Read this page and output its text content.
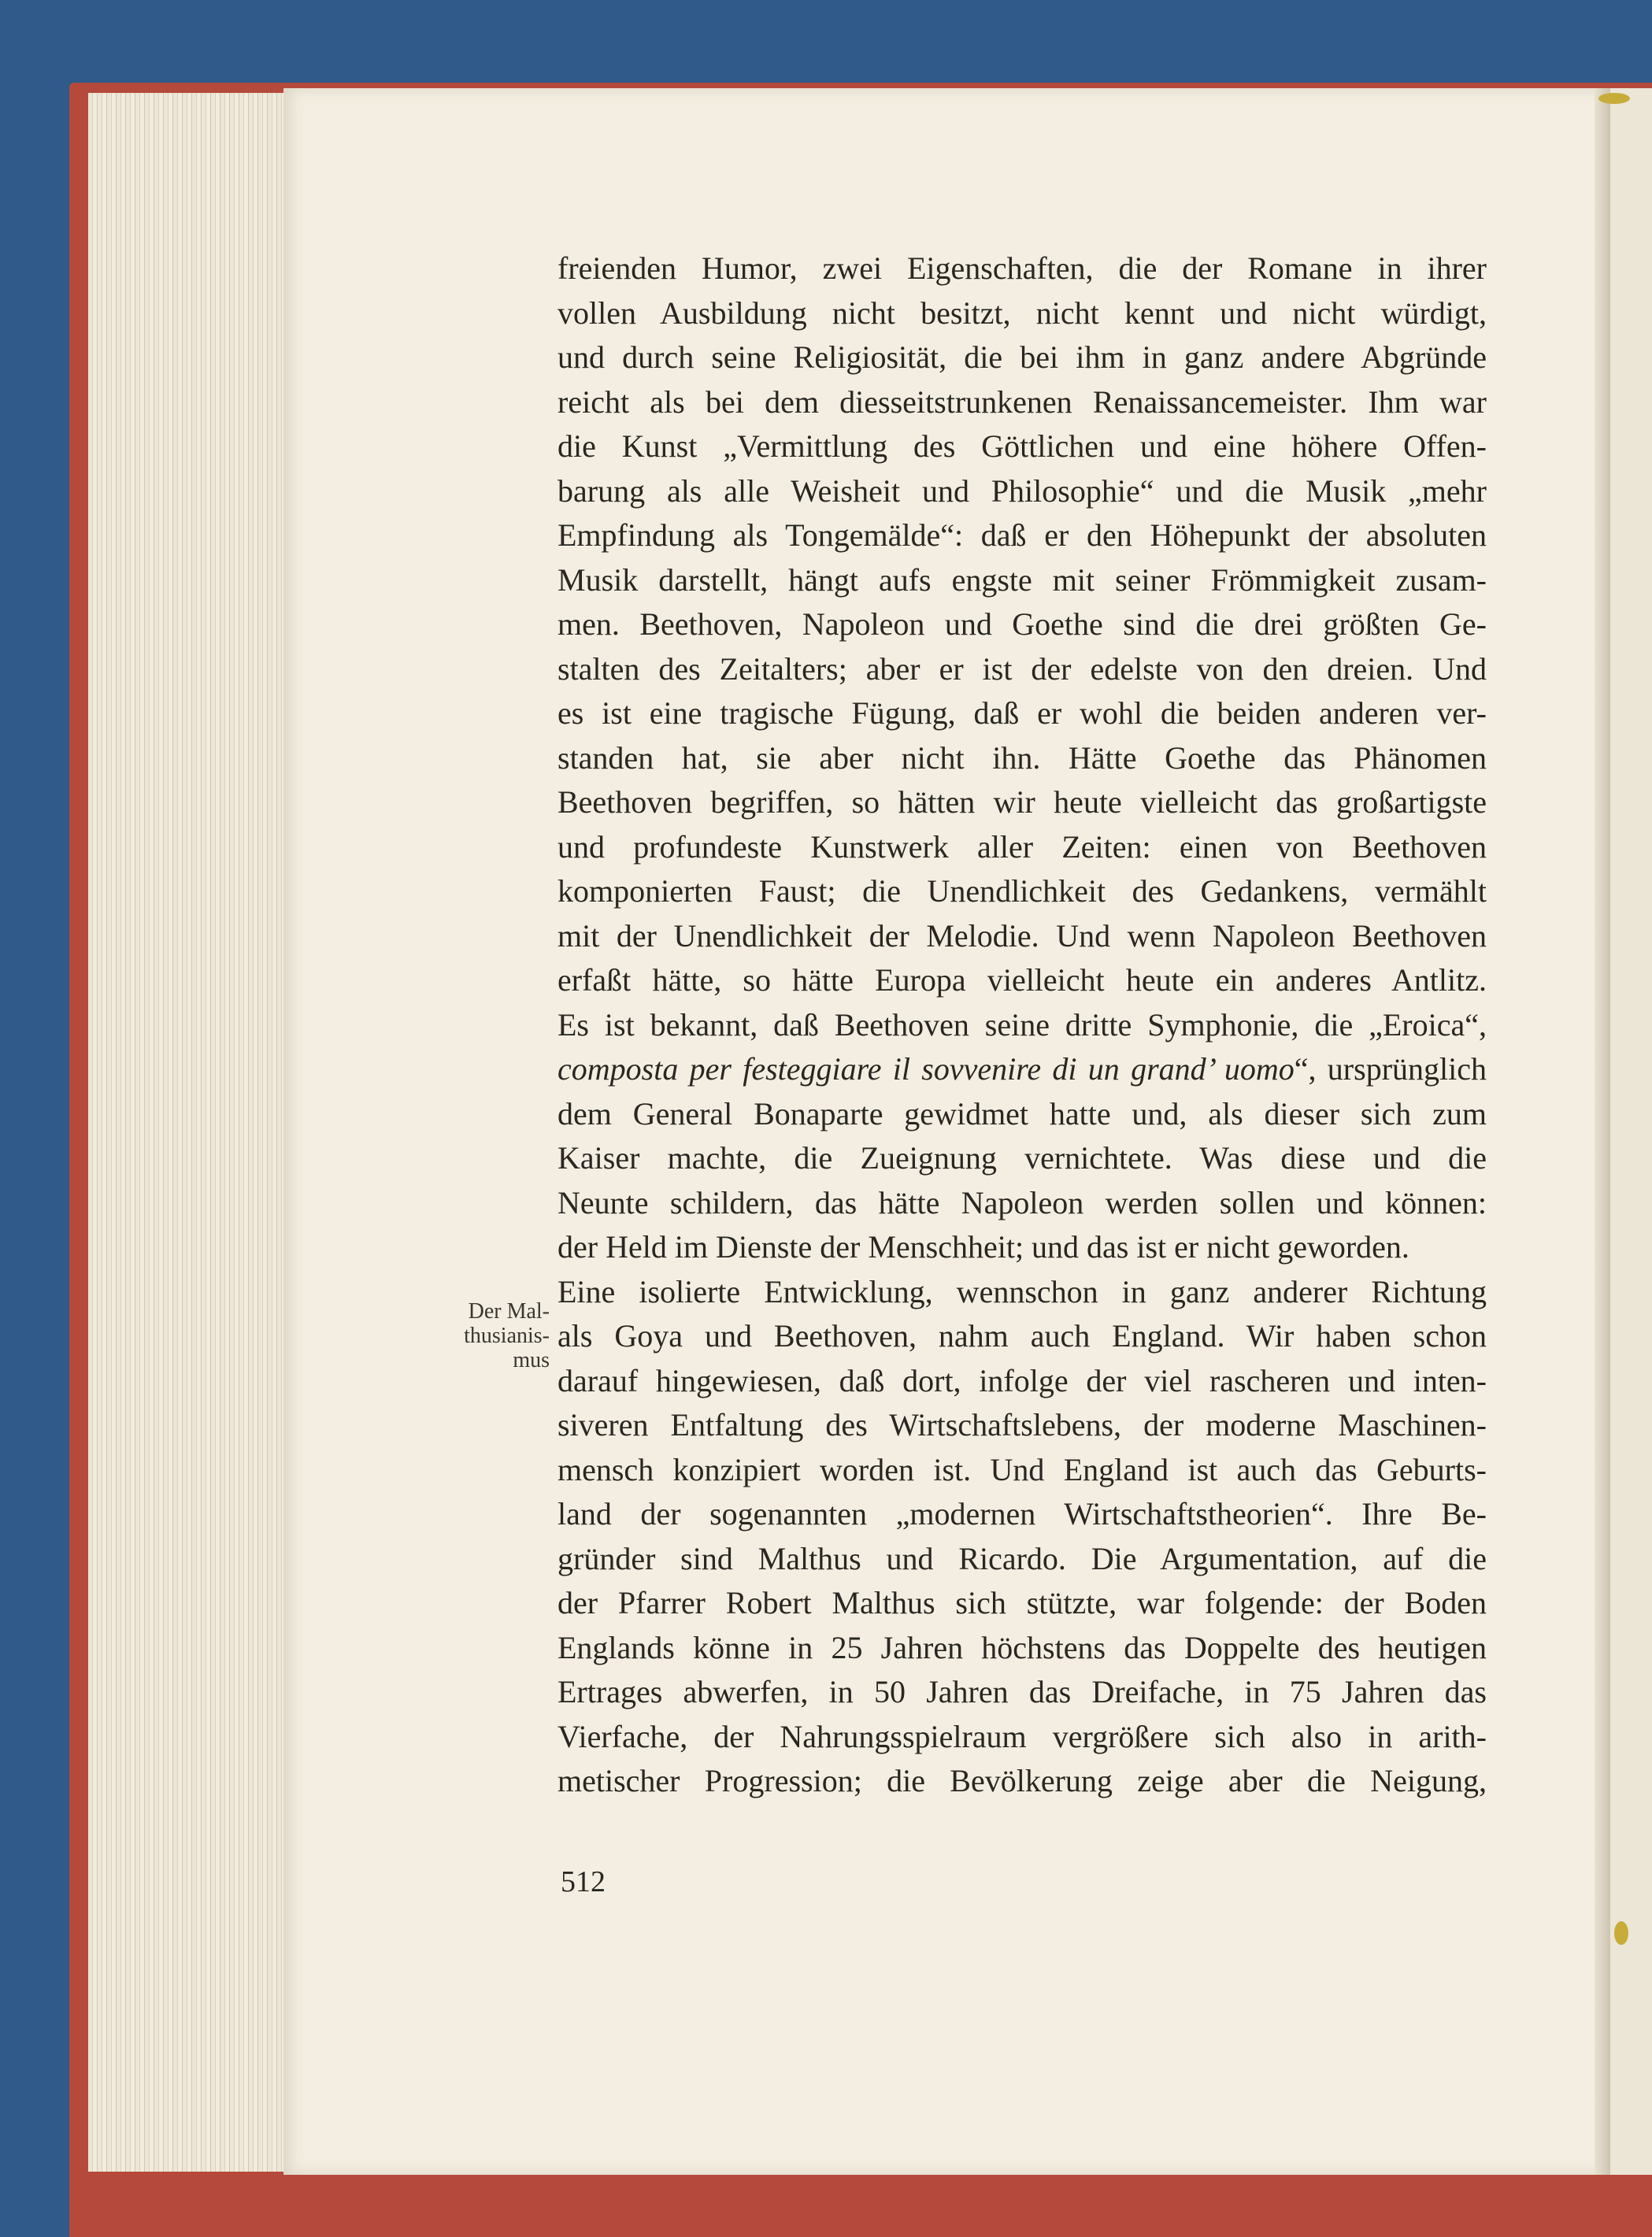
Der Mal-
thusianis-
mus
freienden Humor, zwei Eigenschaften, die der Romane in ihrer
vollen Ausbildung nicht besitzt, nicht kennt und nicht würdigt,
und durch seine Religiosität, die bei ihm in ganz andere Abgründe
reicht als bei dem diesseitstrunkenen Renaissancemeister. Ihm war
die Kunst „Vermittlung des Göttlichen und eine höhere Offen-
barung als alle Weisheit und Philosophie“ und die Musik „mehr
Empfindung als Tongemälde“: daß er den Höhepunkt der absoluten
Musik darstellt, hängt aufs engste mit seiner Frömmigkeit zusam-
men. Beethoven, Napoleon und Goethe sind die drei größten Ge-
stalten des Zeitalters; aber er ist der edelste von den dreien. Und
es ist eine tragische Fügung, daß er wohl die beiden anderen ver-
standen hat, sie aber nicht ihn. Hätte Goethe das Phänomen
Beethoven begriffen, so hätten wir heute vielleicht das großartigste
und profundeste Kunstwerk aller Zeiten: einen von Beethoven
komponierten Faust; die Unendlichkeit des Gedankens, vermählt
mit der Unendlichkeit der Melodie. Und wenn Napoleon Beethoven
erfaßt hätte, so hätte Europa vielleicht heute ein anderes Antlitz.
Es ist bekannt, daß Beethoven seine dritte Symphonie, die „Eroica“,
composta per festeggiare il sovvenire di un grand’ uomo“, ursprünglich
dem General Bonaparte gewidmet hatte und, als dieser sich zum
Kaiser machte, die Zueignung vernichtete. Was diese und die
Neunte schildern, das hätte Napoleon werden sollen und können:
der Held im Dienste der Menschheit; und das ist er nicht geworden.
Eine isolierte Entwicklung, wennschon in ganz anderer Richtung
als Goya und Beethoven, nahm auch England. Wir haben schon
darauf hingewiesen, daß dort, infolge der viel rascheren und inten-
siveren Entfaltung des Wirtschaftslebens, der moderne Maschinen-
mensch konzipiert worden ist. Und England ist auch das Geburts-
land der sogenannten „modernen Wirtschaftstheorien“. Ihre Be-
gründer sind Malthus und Ricardo. Die Argumentation, auf die
der Pfarrer Robert Malthus sich stützte, war folgende: der Boden
Englands könne in 25 Jahren höchstens das Doppelte des heutigen
Ertrages abwerfen, in 50 Jahren das Dreifache, in 75 Jahren das
Vierfache, der Nahrungsspielraum vergrößere sich also in arith-
metischer Progression; die Bevölkerung zeige aber die Neigung,
512
